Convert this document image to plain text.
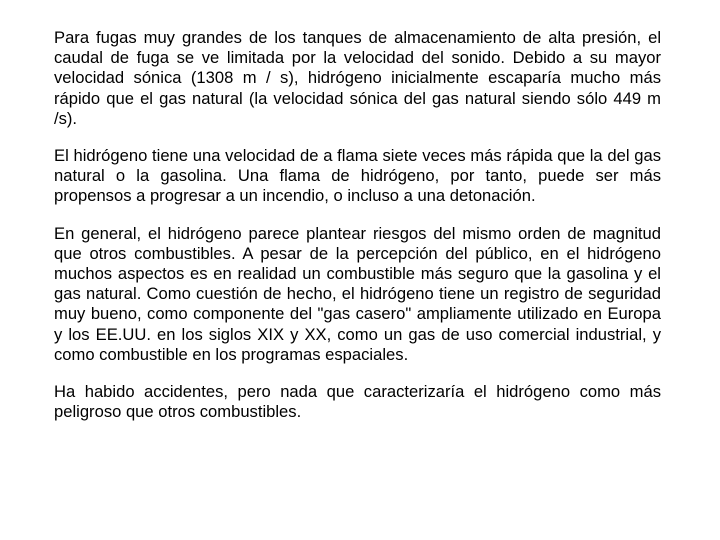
Para fugas muy grandes de los tanques de almacenamiento de alta presión, el caudal de fuga se ve limitada por la velocidad del sonido. Debido a su mayor velocidad sónica (1308 m / s), hidrógeno inicialmente escaparía mucho más rápido que el gas natural (la velocidad sónica del gas natural siendo sólo 449 m /s).

El hidrógeno tiene una velocidad de a flama siete veces más rápida que la del gas natural o la gasolina. Una flama de hidrógeno, por tanto, puede ser más propensos a progresar a un incendio, o incluso a una detonación.

En general, el hidrógeno parece plantear riesgos del mismo orden de magnitud que otros combustibles. A pesar de la percepción del público, en el hidrógeno muchos aspectos es en realidad un combustible más seguro que la gasolina y el gas natural. Como cuestión de hecho, el hidrógeno tiene un registro de seguridad muy bueno, como componente del "gas casero" ampliamente utilizado en Europa y los EE.UU. en los siglos XIX y XX, como un gas de uso comercial industrial, y como combustible en los programas espaciales.

Ha habido accidentes, pero nada que caracterizaría el hidrógeno como más peligroso que otros combustibles.
